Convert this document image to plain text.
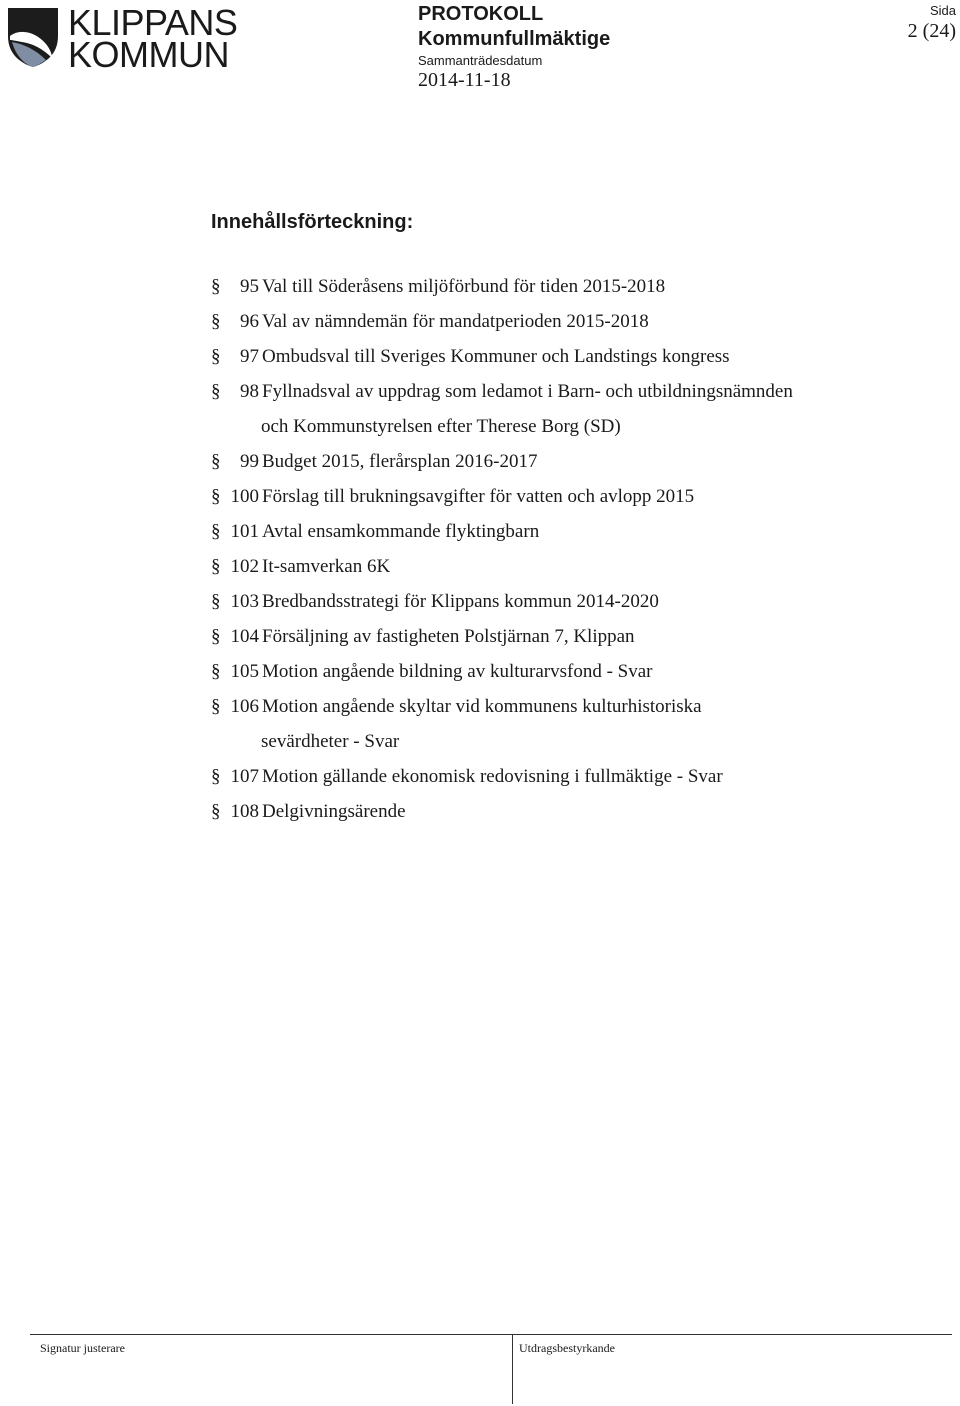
KLIPPANS
KOMMUN
PROTOKOLL
Kommunfullmäktige
Sammanträdesdatum
2014-11-18
Sida
2 (24)
Innehållsförteckning:
§	95 Val till Söderåsens miljöförbund för tiden 2015-2018
§	96 Val av nämndemän för mandatperioden 2015-2018
§	97 Ombudsval till Sveriges Kommuner och Landstings kongress
§	98 Fyllnadsval av uppdrag som ledamot i Barn- och utbildningsnämnden
och Kommunstyrelsen efter Therese Borg (SD)
§	99 Budget 2015, flerårsplan 2016-2017
§ 100 Förslag till brukningsavgifter för vatten och avlopp 2015
§ 101 Avtal ensamkommande flyktingbarn
§ 102 It-samverkan 6K
§ 103 Bredbandsstrategi för Klippans kommun 2014-2020
§ 104 Försäljning av fastigheten Polstjärnan 7, Klippan
§ 105 Motion angående bildning av kulturarvsfond - Svar
§ 106 Motion angående skyltar vid kommunens kulturhistoriska
sevärdheter - Svar
§ 107 Motion gällande ekonomisk redovisning i fullmäktige - Svar
§ 108 Delgivningsärende
Signatur justerare	Utdragsbestyrkande
